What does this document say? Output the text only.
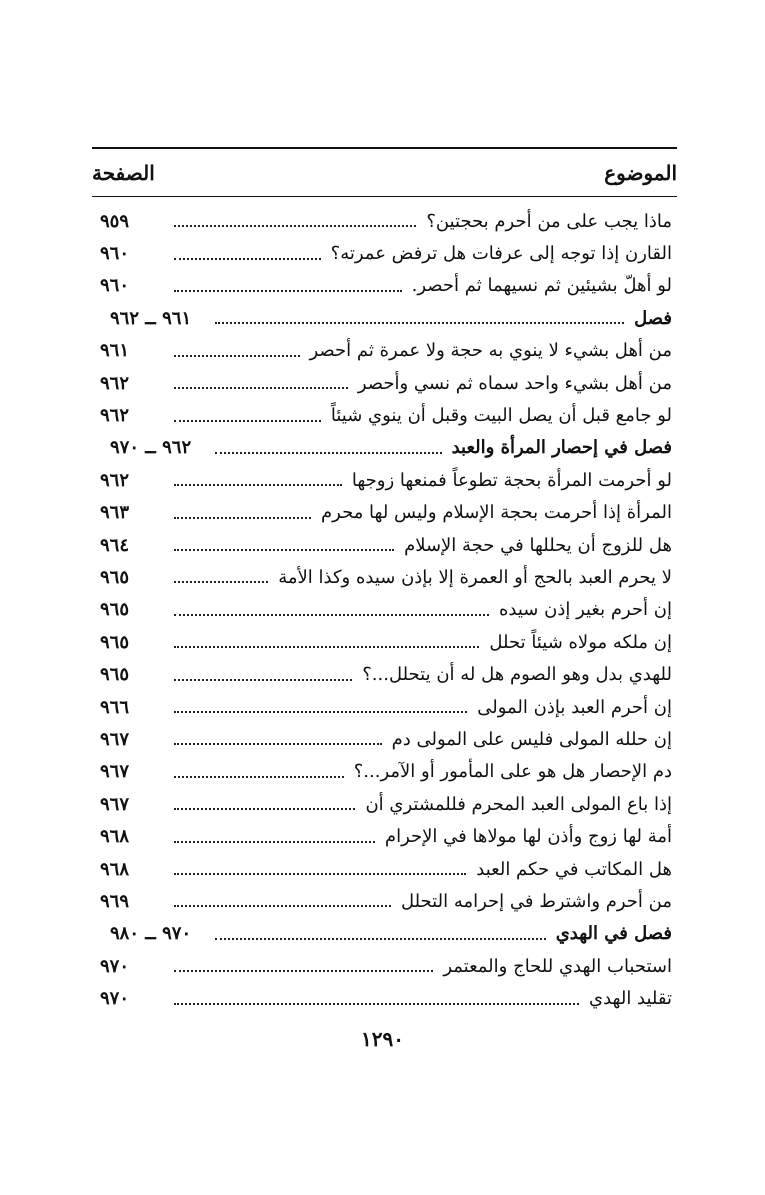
الموضوع
الصفحة
ماذا يجب على من أحرم بحجتين؟
٩٥٩
القارن إذا توجه إلى عرفات هل ترفض عمرته؟
٩٦٠
لو أهلّ بشيئين ثم نسيهما ثم أحصر.
٩٦٠
فصل
٩٦١ ــ ٩٦٢
من أهل بشيء لا ينوي به حجة ولا عمرة ثم أحصر
٩٦١
من أهل بشيء واحد سماه ثم نسي وأحصر
٩٦٢
لو جامع قبل أن يصل البيت وقبل أن ينوي شيئاً
٩٦٢
فصل في إحصار المرأة والعبد
٩٦٢ ــ ٩٧٠
لو أحرمت المرأة بحجة تطوعاً فمنعها زوجها
٩٦٢
المرأة إذا أحرمت بحجة الإسلام وليس لها محرم
٩٦٣
هل للزوج أن يحللها في حجة الإسلام
٩٦٤
لا يحرم العبد بالحج أو العمرة إلا بإذن سيده وكذا الأمة
٩٦٥
إن أحرم بغير إذن سيده
٩٦٥
إن ملكه مولاه شيئاً تحلل
٩٦٥
للهدي بدل وهو الصوم هل له أن يتحلل...؟
٩٦٥
إن أحرم العبد بإذن المولى
٩٦٦
إن حلله المولى فليس على المولى دم
٩٦٧
دم الإحصار هل هو على المأمور أو الآمر...؟
٩٦٧
إذا باع المولى العبد المحرم فللمشتري أن
٩٦٧
أمة لها زوج وأذن لها مولاها في الإحرام
٩٦٨
هل المكاتب في حكم العبد
٩٦٨
من أحرم واشترط في إحرامه التحلل
٩٦٩
فصل في الهدي
٩٧٠ ــ ٩٨٠
استحباب الهدي للحاج والمعتمر
٩٧٠
تقليد الهدي
٩٧٠
١٢٩٠
